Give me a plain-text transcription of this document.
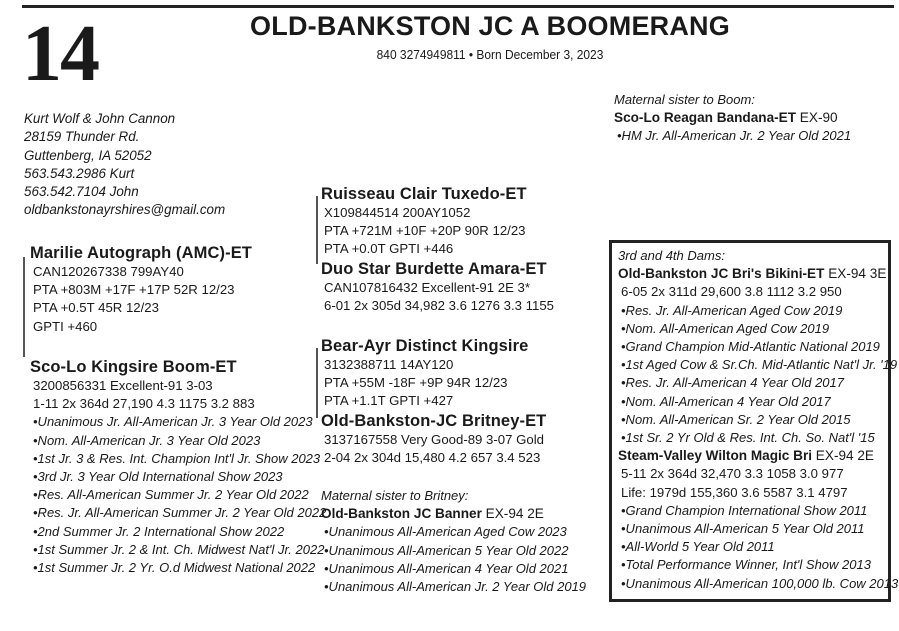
14	OLD-BANKSTON JC A BOOMERANG
840 3274949811 • Born December 3, 2023
Kurt Wolf & John Cannon
28159 Thunder Rd.
Guttenberg, IA 52052
563.543.2986 Kurt
563.542.7104 John
oldbankstonayrshires@gmail.com
Maternal sister to Boom:
Sco-Lo Reagan Bandana-ET EX-90
•HM Jr. All-American Jr. 2 Year Old 2021
Marilie Autograph (AMC)-ET
CAN120267338 799AY40
PTA +803M +17F +17P 52R 12/23
PTA +0.5T 45R 12/23
GPTI +460
Sco-Lo Kingsire Boom-ET
3200856331 Excellent-91 3-03
1-11 2x 364d 27,190 4.3 1175 3.2 883
•Unanimous Jr. All-American Jr. 3 Year Old 2023
•Nom. All-American Jr. 3 Year Old 2023
•1st Jr. 3 & Res. Int. Champion Int'l Jr. Show 2023
•3rd Jr. 3 Year Old International Show 2023
•Res. All-American Summer Jr. 2 Year Old 2022
•Res. Jr. All-American Summer Jr. 2 Year Old 2022
•2nd Summer Jr. 2 International Show 2022
•1st Summer Jr. 2 & Int. Ch. Midwest Nat'l Jr. 2022
•1st Summer Jr. 2 Yr. O.d Midwest National 2022
Ruisseau Clair Tuxedo-ET
X109844514 200AY1052
PTA +721M +10F +20P 90R 12/23
PTA +0.0T GPTI +446
Duo Star Burdette Amara-ET
CAN107816432 Excellent-91 2E 3*
6-01 2x 305d 34,982 3.6 1276 3.3 1155
Bear-Ayr Distinct Kingsire
3132388711 14AY120
PTA +55M -18F +9P 94R 12/23
PTA +1.1T GPTI +427
Old-Bankston-JC Britney-ET
3137167558 Very Good-89 3-07 Gold
2-04 2x 304d 15,480 4.2 657 3.4 523
Maternal sister to Britney:
Old-Bankston JC Banner EX-94 2E
•Unanimous All-American Aged Cow 2023
•Unanimous All-American 5 Year Old 2022
•Unanimous All-American 4 Year Old 2021
•Unanimous All-American Jr. 2 Year Old 2019
3rd and 4th Dams:
Old-Bankston JC Bri's Bikini-ET EX-94 3E
6-05 2x 311d 29,600 3.8 1112 3.2 950
•Res. Jr. All-American Aged Cow 2019
•Nom. All-American Aged Cow 2019
•Grand Champion Mid-Atlantic National 2019
•1st Aged Cow & Sr.Ch. Mid-Atlantic Nat'l Jr. '19
•Res. Jr. All-American 4 Year Old 2017
•Nom. All-American 4 Year Old 2017
•Nom. All-American Sr. 2 Year Old 2015
•1st Sr. 2 Yr Old & Res. Int. Ch. So. Nat'l '15
Steam-Valley Wilton Magic Bri EX-94 2E
5-11 2x 364d 32,470 3.3 1058 3.0 977
Life: 1979d 155,360 3.6 5587 3.1 4797
•Grand Champion International Show 2011
•Unanimous All-American 5 Year Old 2011
•All-World 5 Year Old 2011
•Total Performance Winner, Int'l Show 2013
•Unanimous All-American 100,000 lb. Cow 2013
